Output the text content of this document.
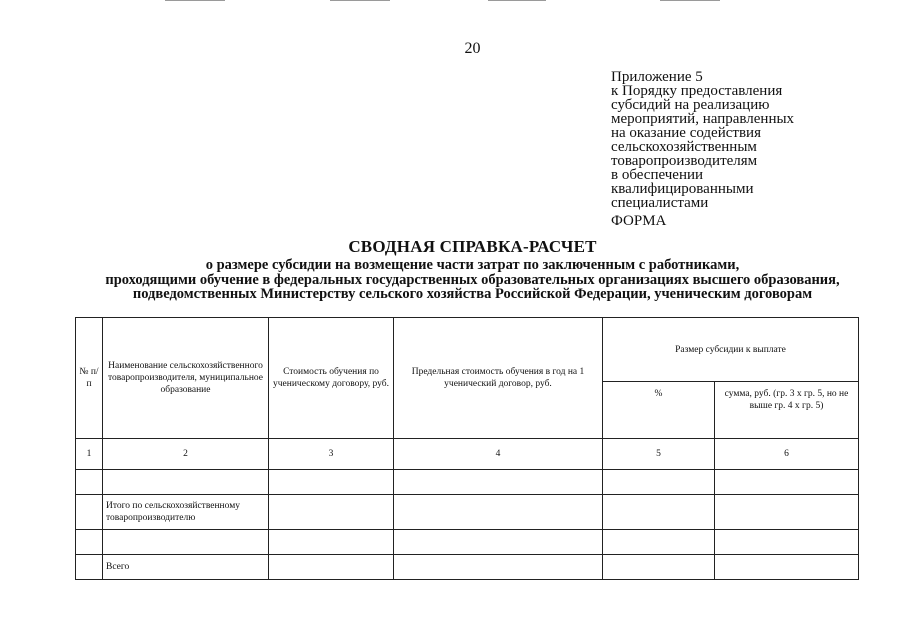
20
Приложение 5
к Порядку предоставления
субсидий на реализацию
мероприятий, направленных
на оказание содействия
сельскохозяйственным
товаропроизводителям
в обеспечении
квалифицированными
специалистами
ФОРМА
СВОДНАЯ СПРАВКА-РАСЧЕТ
о размере субсидии на возмещение части затрат по заключенным с работниками,
проходящими обучение в федеральных государственных образовательных организациях высшего образования,
подведомственных Министерству сельского хозяйства Российской Федерации, ученическим договорам
№ п/п	Наименование сельскохозяйственного товаропроизводителя, муниципальное образование	Стоимость обучения по ученическому договору, руб.	Предельная стоимость обучения в год на 1 ученический договор, руб.	Размер субсидии к выплате	
				%	сумма, руб. (гр. 3 х гр. 5, но не выше гр. 4 х гр. 5)
1	2	3	4	5	6

	Итого по сельскохозяйственному товаропроизводителю				

	Всего				
